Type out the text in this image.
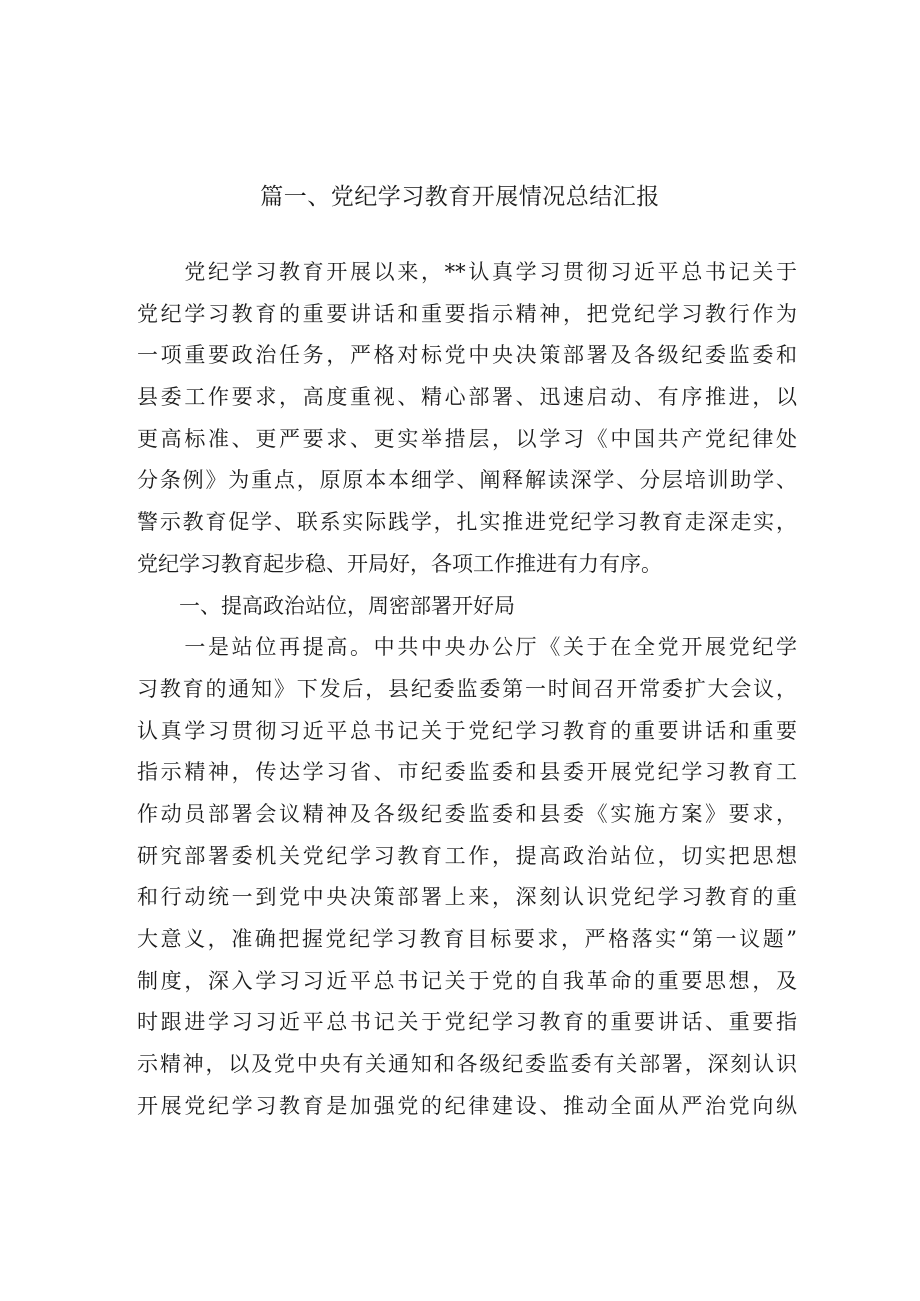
篇一、党纪学习教育开展情况总结汇报
　　党纪学习教育开展以来，**认真学习贯彻习近平总书记关于
党纪学习教育的重要讲话和重要指示精神，把党纪学习教行作为
一项重要政治任务，严格对标党中央决策部署及各级纪委监委和
县委工作要求，高度重视、精心部署、迅速启动、有序推进，以
更高标准、更严要求、更实举措层，以学习《中国共产党纪律处
分条例》为重点，原原本本细学、阐释解读深学、分层培训助学、
警示教育促学、联系实际践学，扎实推进党纪学习教育走深走实，
党纪学习教育起步稳、开局好，各项工作推进有力有序。
　　一、提高政治站位，周密部署开好局
　　一是站位再提高。中共中央办公厅《关于在全党开展党纪学
习教育的通知》下发后，县纪委监委第一时间召开常委扩大会议，
认真学习贯彻习近平总书记关于党纪学习教育的重要讲话和重要
指示精神，传达学习省、市纪委监委和县委开展党纪学习教育工
作动员部署会议精神及各级纪委监委和县委《实施方案》要求，
研究部署委机关党纪学习教育工作，提高政治站位，切实把思想
和行动统一到党中央决策部署上来，深刻认识党纪学习教育的重
大意义，准确把握党纪学习教育目标要求，严格落实“第一议题”
制度，深入学习习近平总书记关于党的自我革命的重要思想，及
时跟进学习习近平总书记关于党纪学习教育的重要讲话、重要指
示精神，以及党中央有关通知和各级纪委监委有关部署，深刻认识
开展党纪学习教育是加强党的纪律建设、推动全面从严治党向纵
